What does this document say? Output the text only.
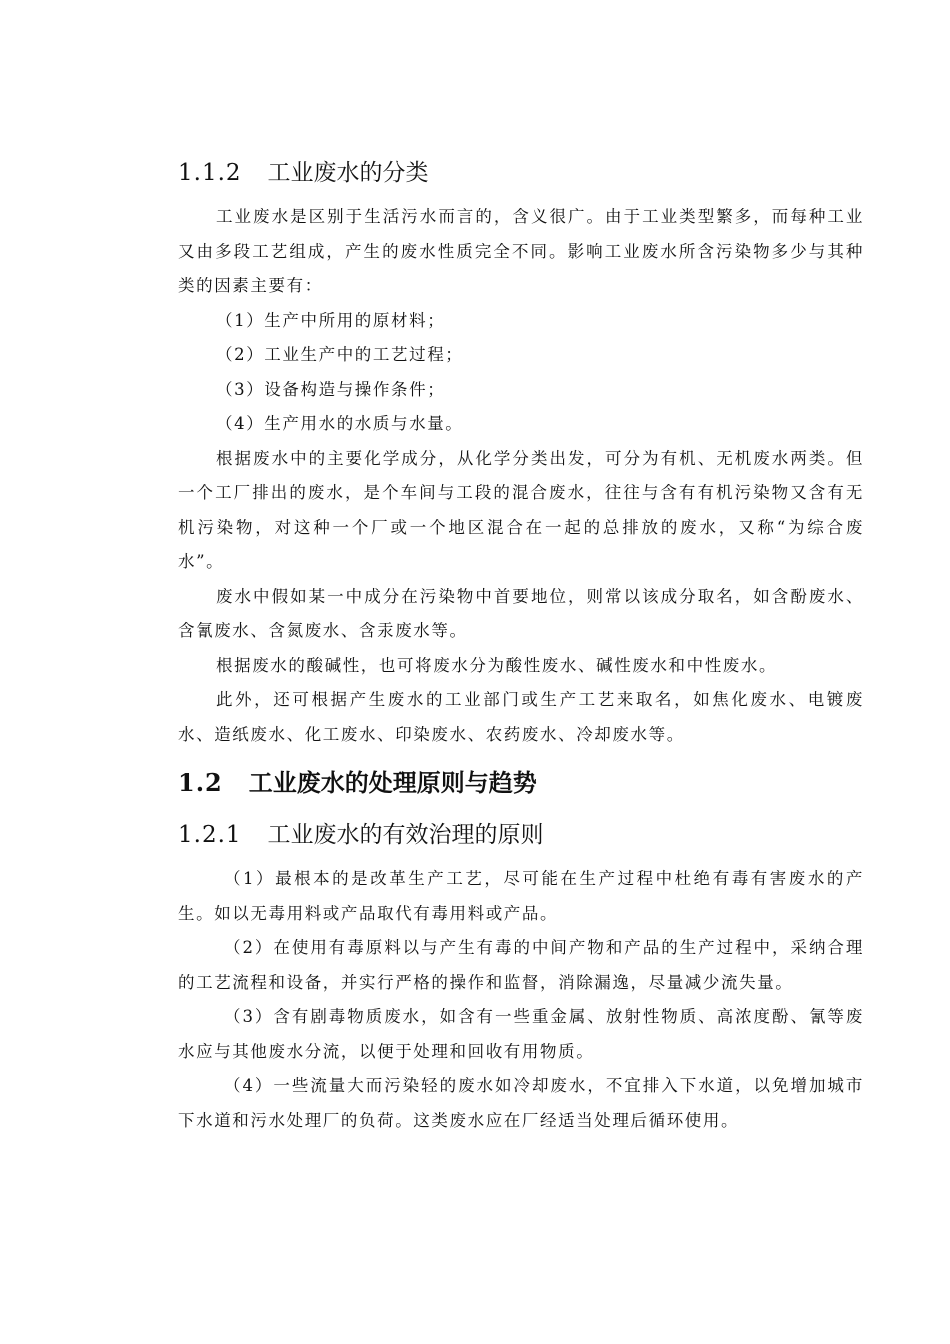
1.1.2 工业废水的分类

工业废水是区别于生活污水而言的，含义很广。由于工业类型繁多，而每种工业又由多段工艺组成，产生的废水性质完全不同。影响工业废水所含污染物多少与其种类的因素主要有：

（1）生产中所用的原材料；

（2）工业生产中的工艺过程；

（3）设备构造与操作条件；

（4）生产用水的水质与水量。

根据废水中的主要化学成分，从化学分类出发，可分为有机、无机废水两类。但一个工厂排出的废水，是个车间与工段的混合废水，往往与含有有机污染物又含有无机污染物，对这种一个厂或一个地区混合在一起的总排放的废水，又称“为综合废水”。

废水中假如某一中成分在污染物中首要地位，则常以该成分取名，如含酚废水、含氰废水、含氮废水、含汞废水等。

根据废水的酸碱性，也可将废水分为酸性废水、碱性废水和中性废水。

此外，还可根据产生废水的工业部门或生产工艺来取名，如焦化废水、电镀废水、造纸废水、化工废水、印染废水、农药废水、冷却废水等。

1.2 工业废水的处理原则与趋势
1.2.1 工业废水的有效治理的原则

（1）最根本的是改革生产工艺，尽可能在生产过程中杜绝有毒有害废水的产生。如以无毒用料或产品取代有毒用料或产品。

（2）在使用有毒原料以与产生有毒的中间产物和产品的生产过程中，采纳合理的工艺流程和设备，并实行严格的操作和监督，消除漏逸，尽量减少流失量。

（3）含有剧毒物质废水，如含有一些重金属、放射性物质、高浓度酚、氰等废水应与其他废水分流，以便于处理和回收有用物质。

（4）一些流量大而污染轻的废水如冷却废水，不宜排入下水道，以免增加城市下水道和污水处理厂的负荷。这类废水应在厂经适当处理后循环使用。
